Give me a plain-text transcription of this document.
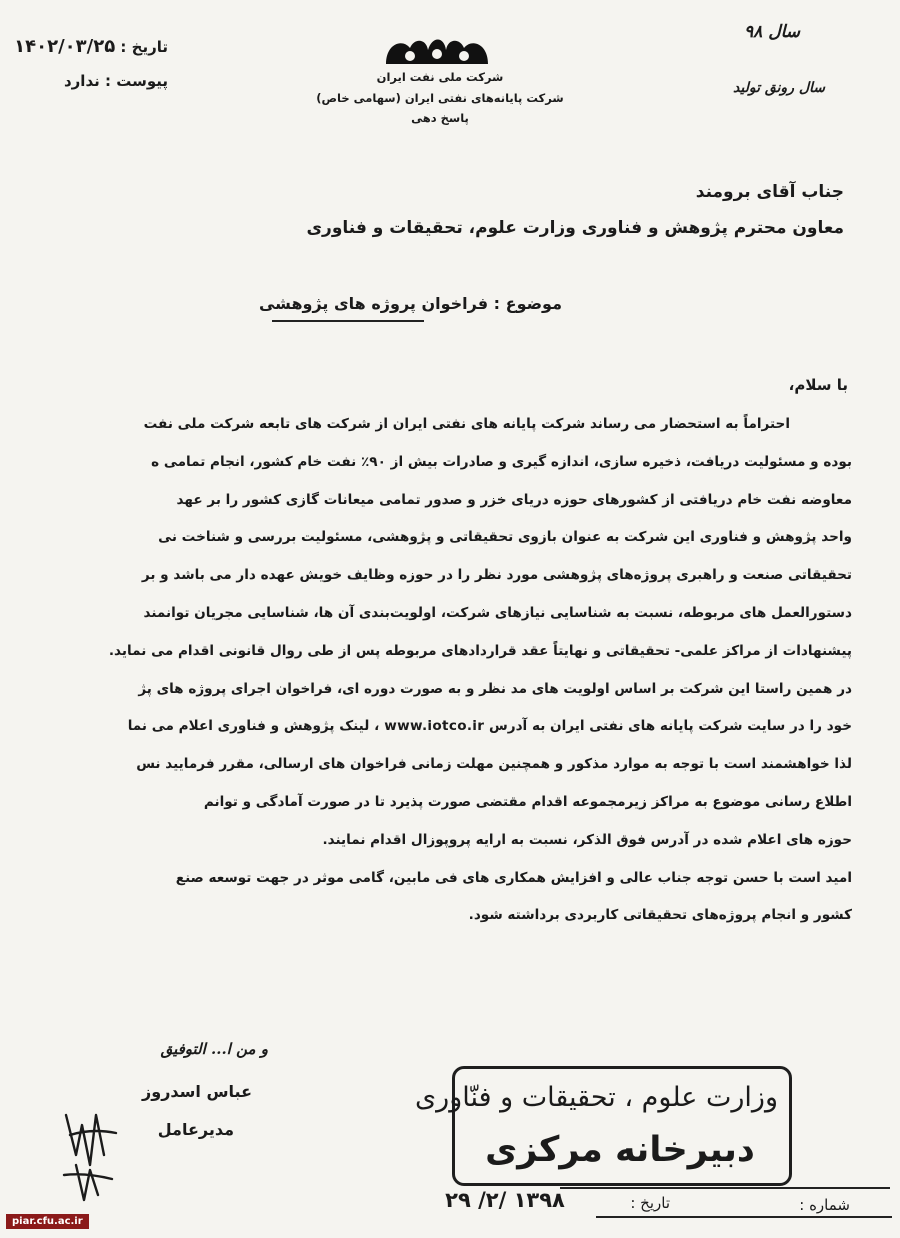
تاریخ : ۱۴۰۲/۰۳/۲۵
پیوست : ندارد	شرکت ملی نفت ایران
شرکت پایانه‌های نفتی ایران (سهامی خاص)
پاسخ دهی
سال ۹۸
سال رونق تولید
جناب آقای برومند
معاون محترم پژوهش و فناوری وزارت علوم، تحقیقات و فناوری
موضوع : فراخوان پروژه های پژوهشی
با سلام،
احتراماً به استحضار می رساند شرکت پایانه های نفتی ایران از شرکت های تابعه شرکت ملی نفت
بوده و مسئولیت دریافت، ذخیره سازی، اندازه گیری و صادرات بیش از ۹۰٪ نفت خام کشور، انجام تمامی ه
معاوضه نفت خام دریافتی از کشورهای حوزه دریای خزر و صدور تمامی میعانات گازی کشور را بر عهد
واحد پژوهش و فناوری این شرکت به عنوان بازوی تحقیقاتی و پژوهشی، مسئولیت بررسی و شناخت نی
تحقیقاتی صنعت و راهبری پروژه‌های پژوهشی مورد نظر را در حوزه وظایف خویش عهده دار می باشد و بر
دستورالعمل های مربوطه، نسبت به شناسایی نیازهای شرکت، اولویت‌بندی آن ها، شناسایی مجریان توانمند
پیشنهادات از مراکز علمی- تحقیقاتی و نهایتاً عقد قراردادهای مربوطه پس از طی روال قانونی اقدام می نماید.
در همین راستا این شرکت بر اساس اولویت های مد نظر و به صورت دوره ای، فراخوان اجرای پروژه های پژ
خود را در سایت شرکت پایانه های نفتی ایران به آدرس www.iotco.ir ، لینک پژوهش و فناوری اعلام می نما
لذا خواهشمند است با توجه به موارد مذکور و همچنین مهلت زمانی فراخوان های ارسالی، مقرر فرمایید نس
اطلاع رسانی موضوع به مراکز زیرمجموعه اقدام مقتضی صورت پذیرد تا در صورت آمادگی و توانم
حوزه های اعلام شده در آدرس فوق الذکر، نسبت به ارایه پروپوزال اقدام نمایند.
امید است با حسن توجه جناب عالی و افزایش همکاری های فی مابین، گامی موثر در جهت توسعه صنع
کشور و انجام پروژه‌های تحقیقاتی کاربردی برداشته شود.
و من ا... التوفیق
عباس اسدروز
مدیرعامل
وزارت علوم ، تحقیقات و فنّاوری
دبیرخانه مرکزی
شماره :
تاریخ :
۱۳۹۸ /۲/ ۲۹
piar.cfu.ac.ir
